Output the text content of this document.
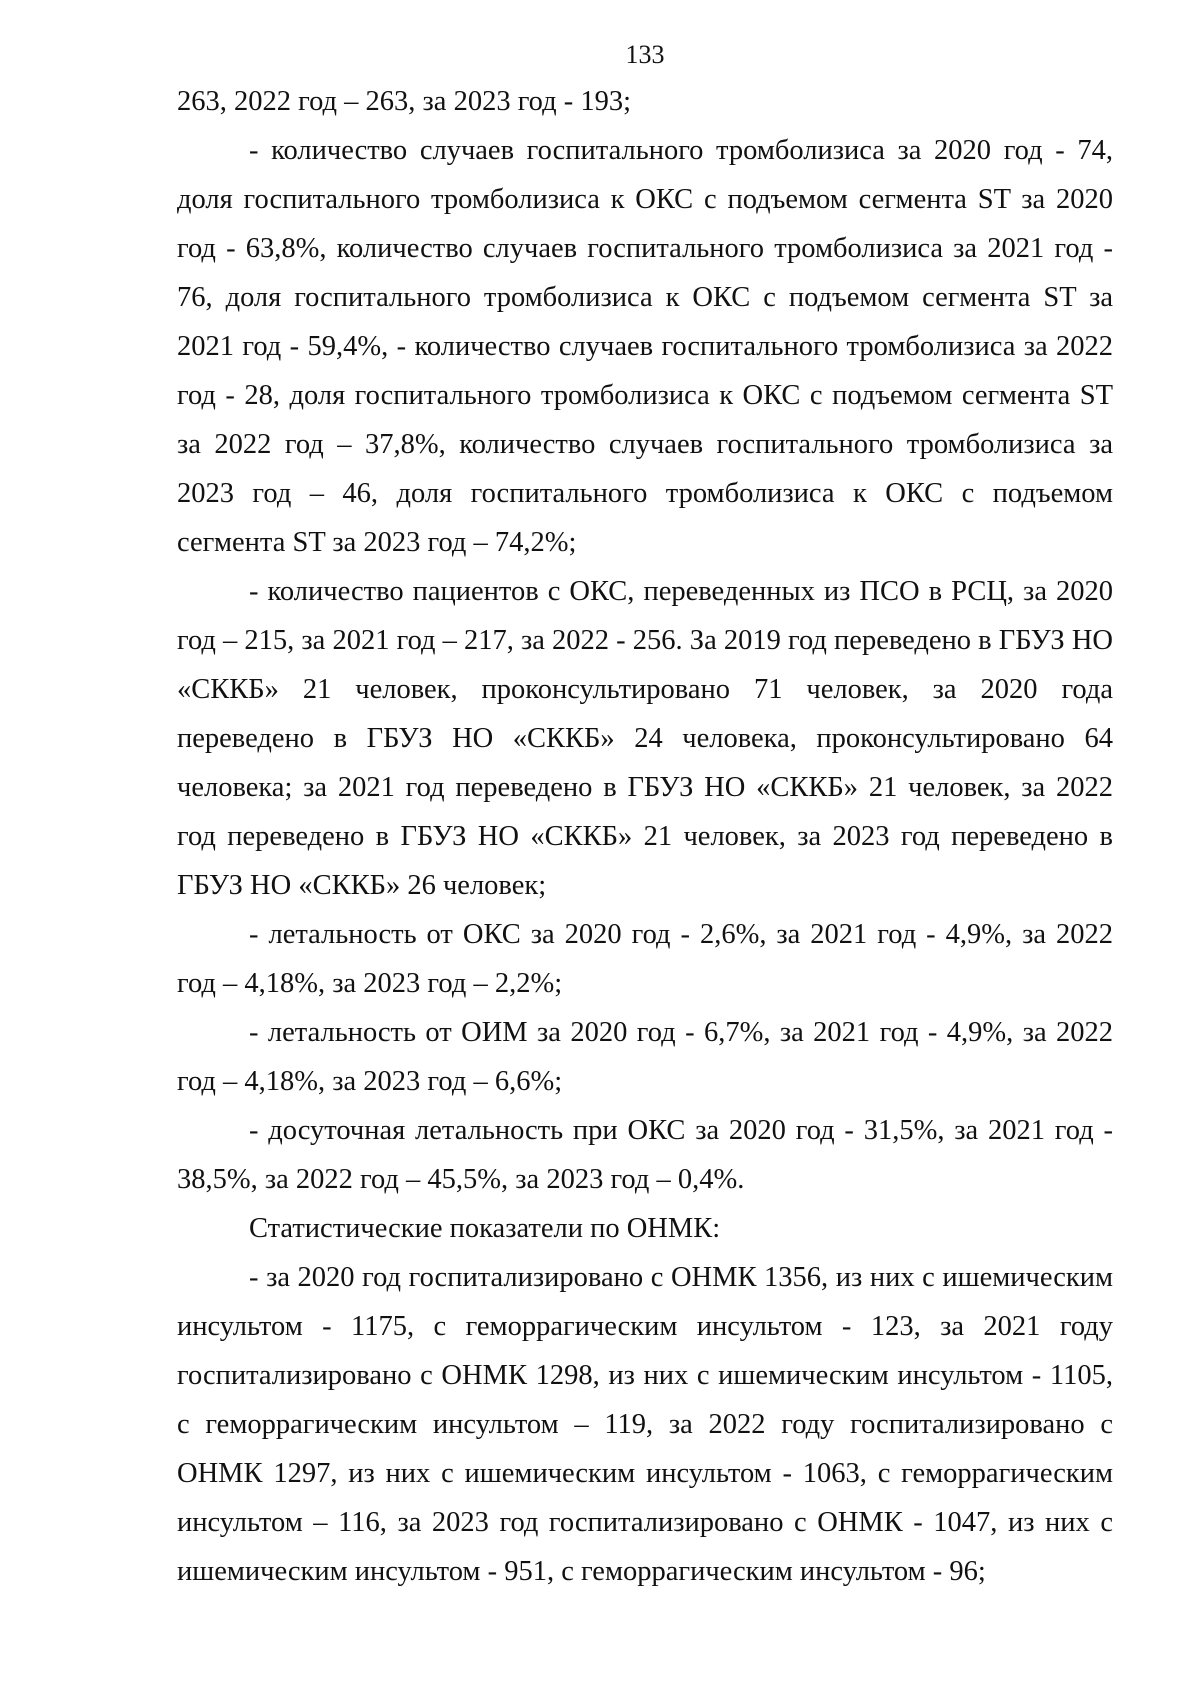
133

263, 2022 год – 263, за 2023 год - 193;

- количество случаев госпитального тромболизиса за 2020 год - 74, доля госпитального тромболизиса к ОКС с подъемом сегмента ST за 2020 год - 63,8%, количество случаев госпитального тромболизиса за 2021 год - 76, доля госпитального тромболизиса к ОКС с подъемом сегмента ST за 2021 год - 59,4%, - количество случаев госпитального тромболизиса за 2022 год - 28, доля госпитального тромболизиса к ОКС с подъемом сегмента ST за 2022 год – 37,8%, количество случаев госпитального тромболизиса за 2023 год – 46, доля госпитального тромболизиса к ОКС с подъемом сегмента ST за 2023 год – 74,2%;

- количество пациентов с ОКС, переведенных из ПСО в РСЦ, за 2020 год – 215, за 2021 год – 217, за 2022 - 256. За 2019 год переведено в ГБУЗ НО «СККБ» 21 человек, проконсультировано 71 человек, за 2020 года переведено в ГБУЗ НО «СККБ» 24 человека, проконсультировано 64 человека; за 2021 год переведено в ГБУЗ НО «СККБ» 21 человек, за 2022 год переведено в ГБУЗ НО «СККБ» 21 человек, за 2023 год переведено в ГБУЗ НО «СККБ» 26 человек;

- летальность от ОКС за 2020 год - 2,6%, за 2021 год - 4,9%, за 2022 год – 4,18%, за 2023 год – 2,2%;

- летальность от ОИМ за 2020 год - 6,7%, за 2021 год - 4,9%, за 2022 год – 4,18%, за 2023 год – 6,6%;

- досуточная летальность при ОКС за 2020 год - 31,5%, за 2021 год - 38,5%, за 2022 год – 45,5%, за 2023 год – 0,4%.

Статистические показатели по ОНМК:

- за 2020 год госпитализировано с ОНМК 1356, из них с ишемическим инсультом - 1175, с геморрагическим инсультом - 123, за 2021 году госпитализировано с ОНМК 1298, из них с ишемическим инсультом - 1105, с геморрагическим инсультом – 119, за 2022 году госпитализировано с ОНМК 1297, из них с ишемическим инсультом - 1063, с геморрагическим инсультом – 116, за 2023 год госпитализировано с ОНМК - 1047, из них с ишемическим инсультом - 951, с геморрагическим инсультом - 96;
